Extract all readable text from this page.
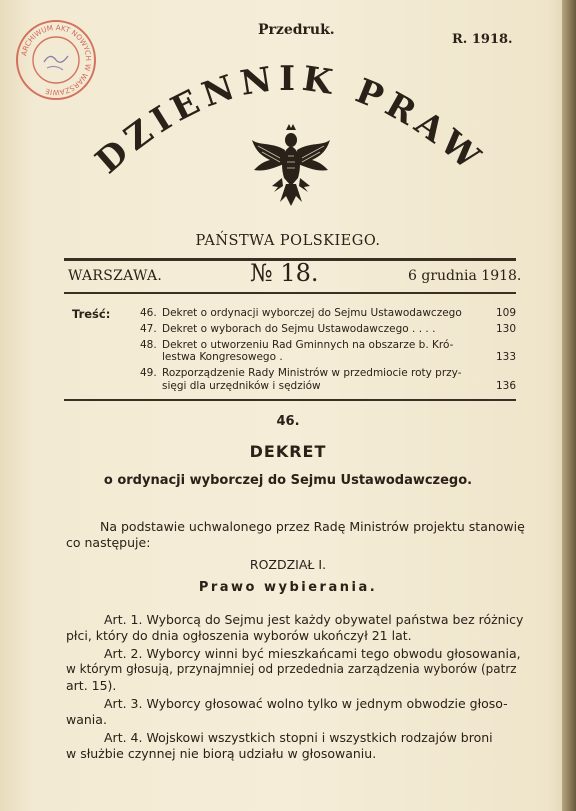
ARCHIWUM AKT NOWYCH W WARSZAWIE
Przedruk.
R. 1918.
DZIENNIK PRAW
PAŃSTWA POLSKIEGO.
WARSZAWA.	№ 18.	6 grudnia 1918.
Treść:	46. Dekret o ordynacji wyborczej do Sejmu Ustawodawczego	109
47. Dekret o wyborach do Sejmu Ustawodawczego . . . .	130
48. Dekret o utworzeniu Rad Gminnych na obszarze b. Kró-
lestwa Kongresowego .	133
49. Rozporządzenie Rady Ministrów w przedmiocie roty przy-
sięgi dla urzędników i sędziów	136
46.
DEKRET
o ordynacji wyborczej do Sejmu Ustawodawczego.
Na podstawie uchwalonego przez Radę Ministrów projektu stanowię
co następuje:
ROZDZIAŁ I.
Prawo wybierania.
Art. 1. Wyborcą do Sejmu jest każdy obywatel państwa bez różnicy
płci, który do dnia ogłoszenia wyborów ukończył 21 lat.
Art. 2. Wyborcy winni być mieszkańcami tego obwodu głosowania,
w którym głosują, przynajmniej od przedednia zarządzenia wyborów (patrz
art. 15).
Art. 3. Wyborcy głosować wolno tylko w jednym obwodzie głoso-
wania.
Art. 4. Wojskowi wszystkich stopni i wszystkich rodzajów broni
w służbie czynnej nie biorą udziału w głosowaniu.
